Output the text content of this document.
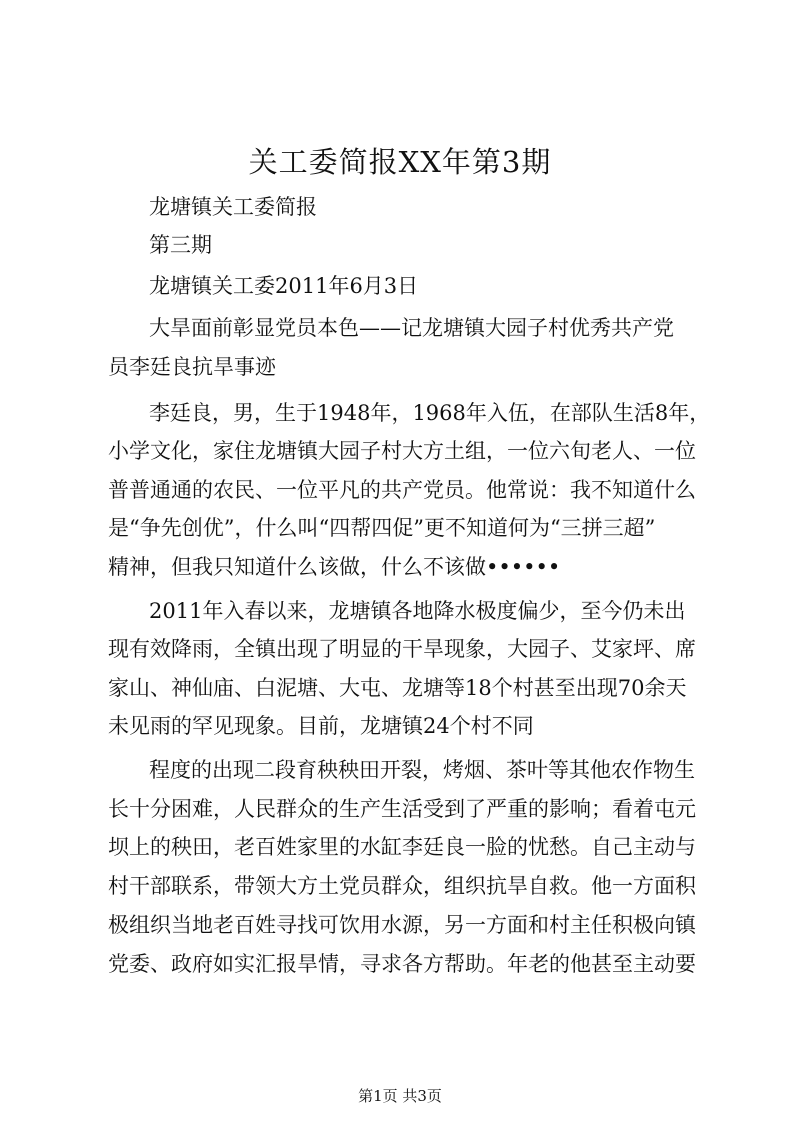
关工委简报XX年第3期

龙塘镇关工委简报

第三期

龙塘镇关工委2011年6月3日

大旱面前彰显党员本色——记龙塘镇大园子村优秀共产党

员李廷良抗旱事迹

李廷良，男，生于1948年，1968年入伍，在部队生活8年，

小学文化，家住龙塘镇大园子村大方土组，一位六旬老人、一位

普普通通的农民、一位平凡的共产党员。他常说：我不知道什么

是“争先创优”，什么叫“四帮四促”更不知道何为“三拼三超”

精神，但我只知道什么该做，什么不该做••••••

2011年入春以来，龙塘镇各地降水极度偏少，至今仍未出

现有效降雨，全镇出现了明显的干旱现象，大园子、艾家坪、席

家山、神仙庙、白泥塘、大屯、龙塘等18个村甚至出现70余天

未见雨的罕见现象。目前，龙塘镇24个村不同

程度的出现二段育秧秧田开裂，烤烟、茶叶等其他农作物生

长十分困难，人民群众的生产生活受到了严重的影响；看着屯元

坝上的秧田，老百姓家里的水缸李廷良一脸的忧愁。自己主动与

村干部联系，带领大方土党员群众，组织抗旱自救。他一方面积

极组织当地老百姓寻找可饮用水源，另一方面和村主任积极向镇

党委、政府如实汇报旱情，寻求各方帮助。年老的他甚至主动要

第1页 共3页
